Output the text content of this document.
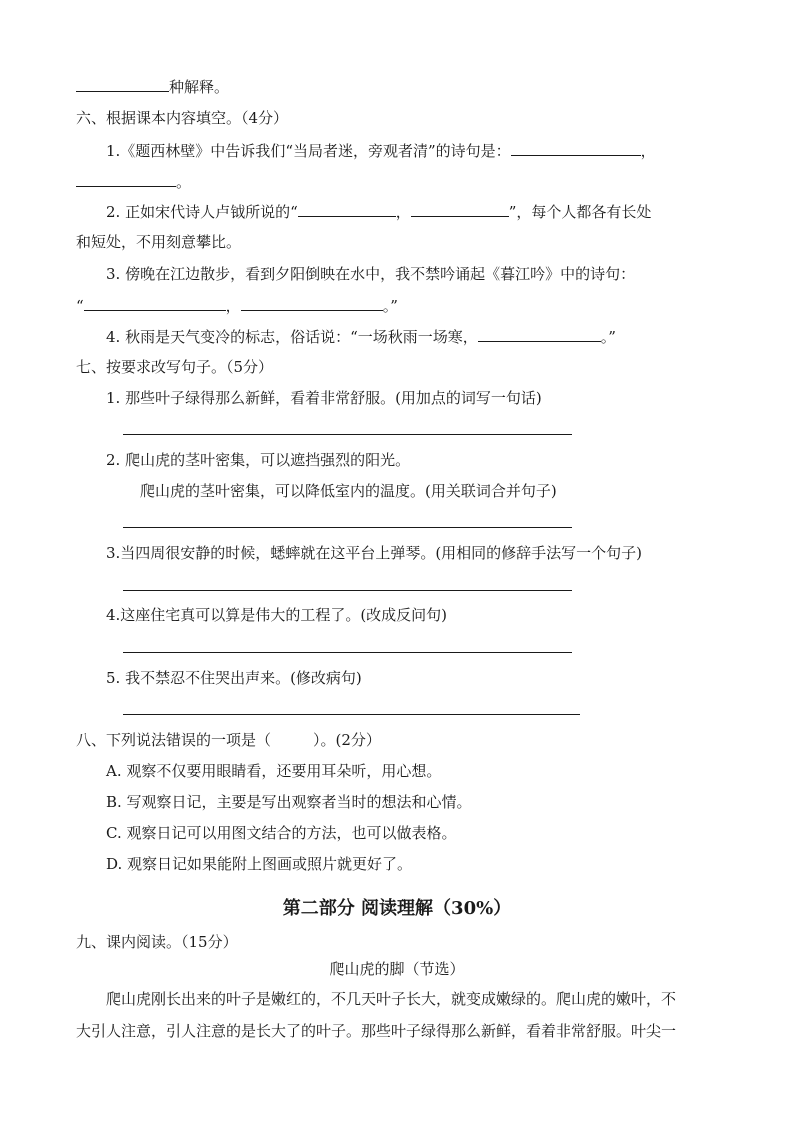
种解释。
六、根据课本内容填空。（4分）
1.《题西林壁》中告诉我们“当局者迷，旁观者清”的诗句是：	，
。
2. 正如宋代诗人卢钺所说的“	，	”，每个人都各有长处
和短处，不用刻意攀比。
3. 傍晚在江边散步，看到夕阳倒映在水中，我不禁吟诵起《暮江吟》中的诗句：
“	，	。”
4. 秋雨是天气变冷的标志，俗话说：“一场秋雨一场寒，	。”
七、按要求改写句子。（5分）
1. 那些叶子绿得那么新鲜，看着非常舒服。(用加点的词写一句话)
2. 爬山虎的茎叶密集，可以遮挡强烈的阳光。
爬山虎的茎叶密集，可以降低室内的温度。(用关联词合并句子)
3.当四周很安静的时候，蟋蟀就在这平台上弹琴。(用相同的修辞手法写一个句子)
4.这座住宅真可以算是伟大的工程了。(改成反问句)
5. 我不禁忍不住哭出声来。(修改病句)
八、下列说法错误的一项是（	）。(2分）
A. 观察不仅要用眼睛看，还要用耳朵听，用心想。
B. 写观察日记，主要是写出观察者当时的想法和心情。
C. 观察日记可以用图文结合的方法，也可以做表格。
D. 观察日记如果能附上图画或照片就更好了。
第二部分 阅读理解（30%）
九、课内阅读。（15分）
爬山虎的脚（节选）
爬山虎刚长出来的叶子是嫩红的，不几天叶子长大，就变成嫩绿的。爬山虎的嫩叶，不
大引人注意，引人注意的是长大了的叶子。那些叶子绿得那么新鲜，看着非常舒服。叶尖一
